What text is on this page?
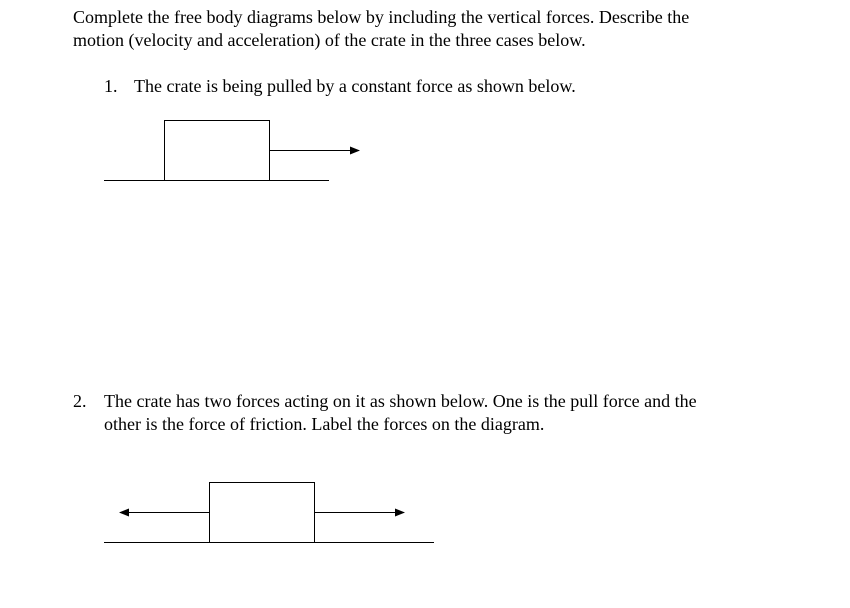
Complete the free body diagrams below by including the vertical forces. Describe the
motion (velocity and acceleration) of the crate in the three cases below.
1. The crate is being pulled by a constant force as shown below.
2. The crate has two forces acting on it as shown below. One is the pull force and the
other is the force of friction. Label the forces on the diagram.
